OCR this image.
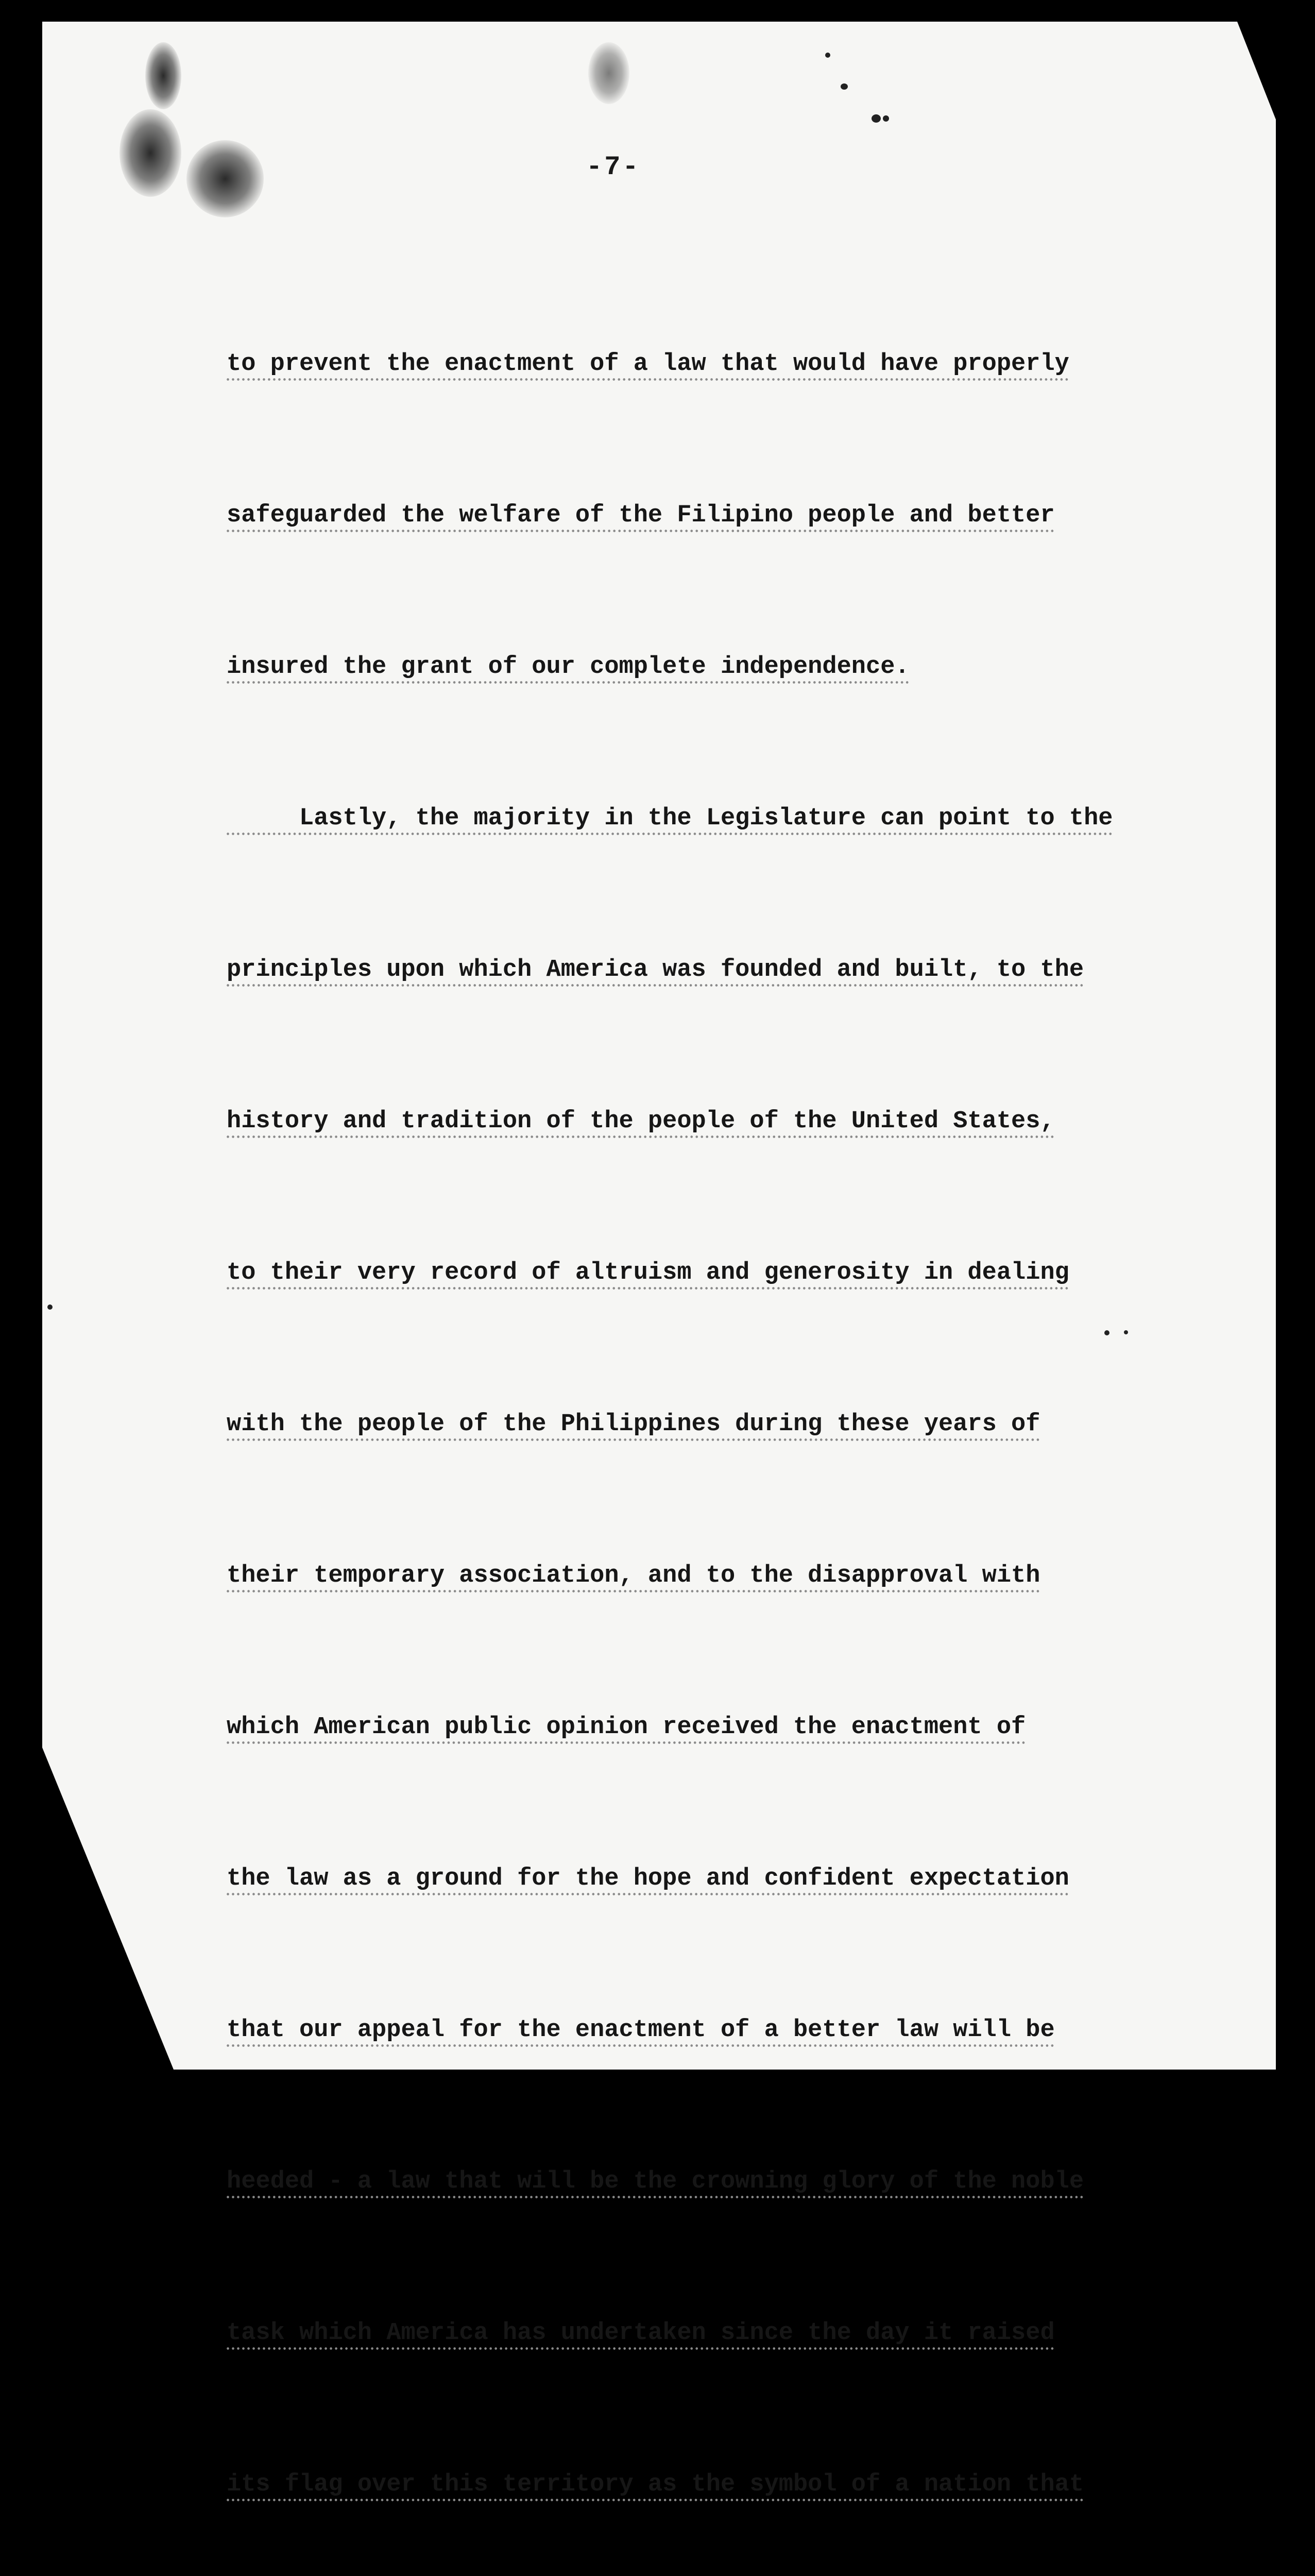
-7-

to prevent the enactment of a law that would have properly

safeguarded the welfare of the Filipino people and better

insured the grant of our complete independence.

Lastly, the majority in the Legislature can point to the

principles upon which America was founded and built, to the

history and tradition of the people of the United States,

to their very record of altruism and generosity in dealing

with the people of the Philippines during these years of

their temporary association, and to the disapproval with

which American public opinion received the enactment of

the law as a ground for the hope and confident expectation

that our appeal for the enactment of a better law will be

heeded - a law that will be the crowning glory of the noble

task which America has undertaken since the day it raised

its flag over this territory as the symbol of a nation that
